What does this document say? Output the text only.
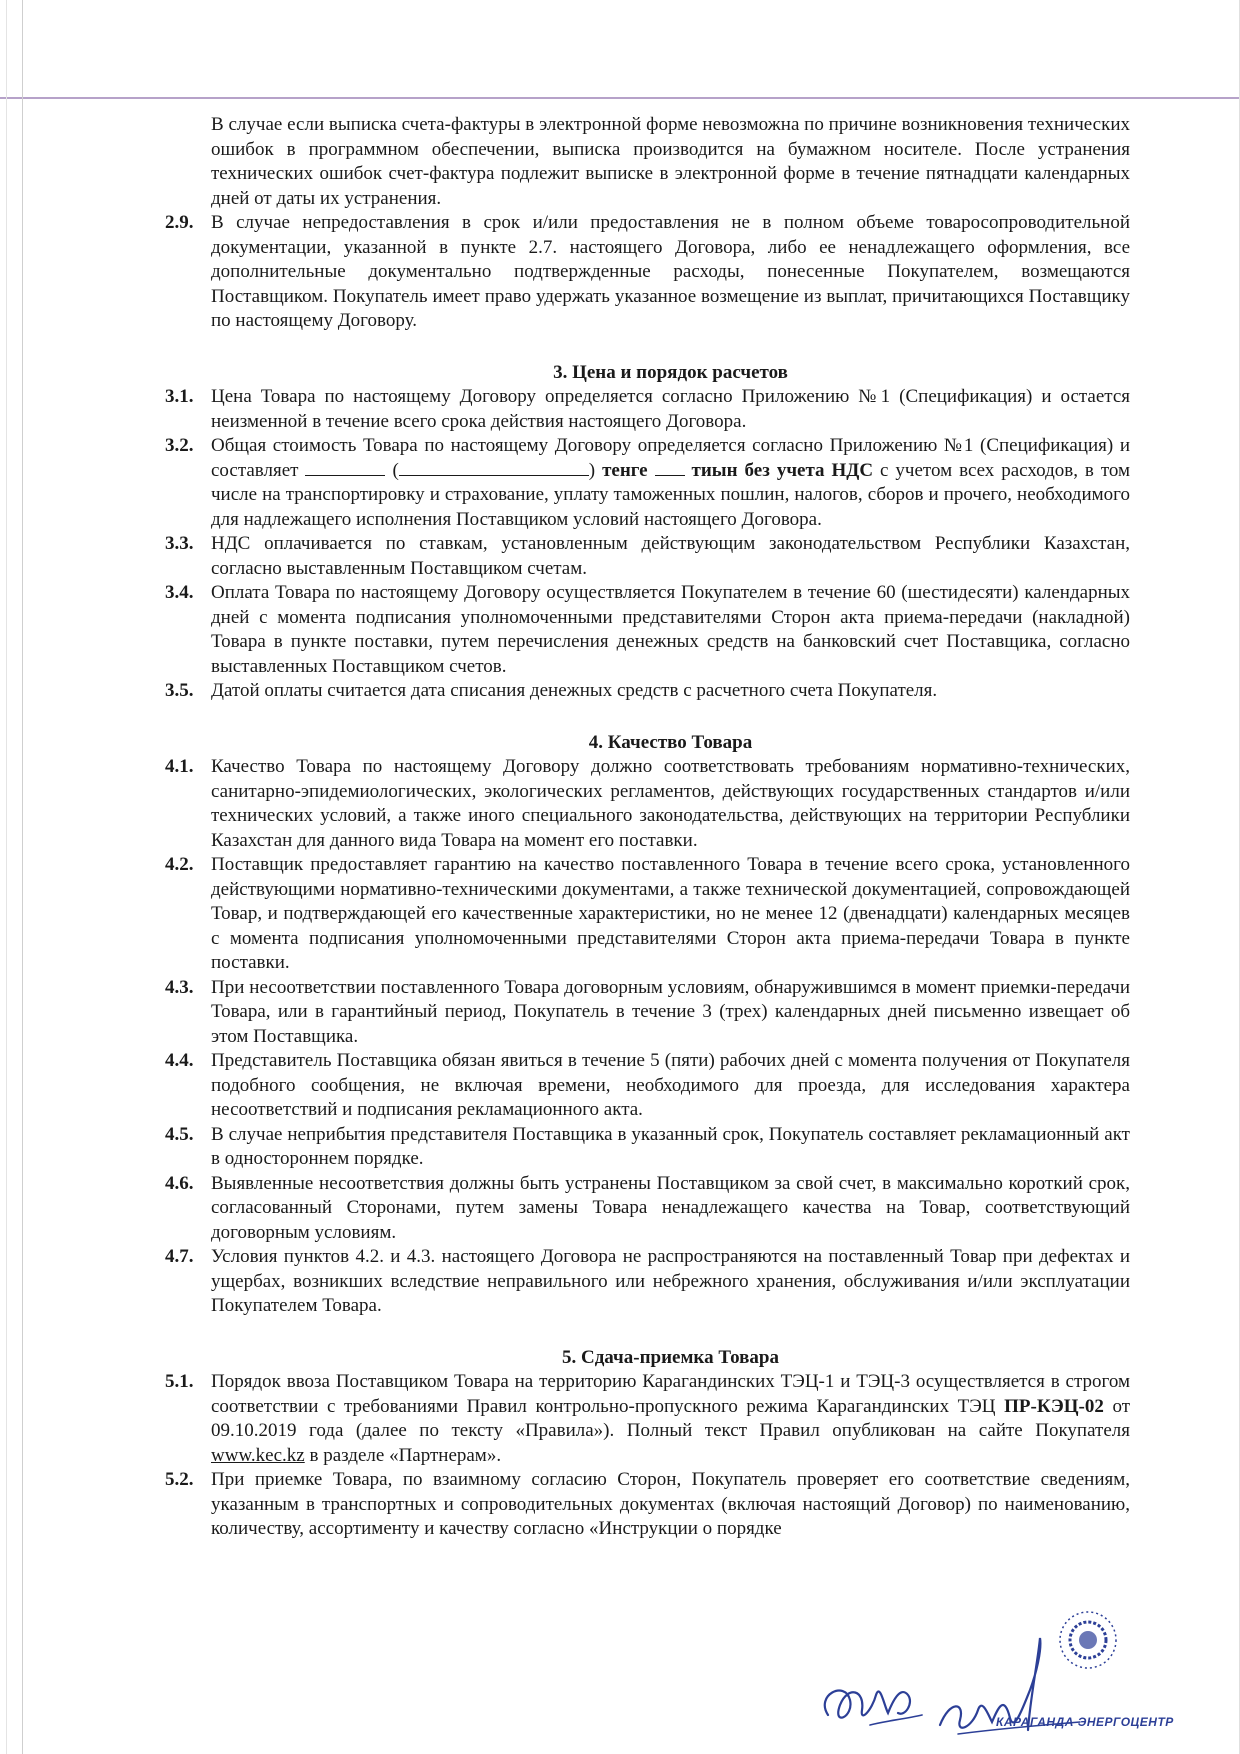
В случае если выписка счета-фактуры в электронной форме невозможна по причине возникновения технических ошибок в программном обеспечении, выписка производится на бумажном носителе. После устранения технических ошибок счет-фактура подлежит выписке в электронной форме в течение пятнадцати календарных дней от даты их устранения.

2.9. В случае непредоставления в срок и/или предоставления не в полном объеме товаросопроводительной документации, указанной в пункте 2.7. настоящего Договора, либо ее ненадлежащего оформления, все дополнительные документально подтвержденные расходы, понесенные Покупателем, возмещаются Поставщиком. Покупатель имеет право удержать указанное возмещение из выплат, причитающихся Поставщику по настоящему Договору.
3. Цена и порядок расчетов
3.1. Цена Товара по настоящему Договору определяется согласно Приложению №1 (Спецификация) и остается неизменной в течение всего срока действия настоящего Договора.
3.2. Общая стоимость Товара по настоящему Договору определяется согласно Приложению №1 (Спецификация) и составляет	(	) тенге тиын без учета НДС с учетом всех расходов, в том числе на транспортировку и страхование, уплату таможенных пошлин, налогов, сборов и прочего, необходимого для надлежащего исполнения Поставщиком условий настоящего Договора.
3.3. НДС оплачивается по ставкам, установленным действующим законодательством Республики Казахстан, согласно выставленным Поставщиком счетам.
3.4. Оплата Товара по настоящему Договору осуществляется Покупателем в течение 60 (шестидесяти) календарных дней с момента подписания уполномоченными представителями Сторон акта приема-передачи (накладной) Товара в пункте поставки, путем перечисления денежных средств на банковский счет Поставщика, согласно выставленных Поставщиком счетов.
3.5. Датой оплаты считается дата списания денежных средств с расчетного счета Покупателя.
4. Качество Товара
4.1. Качество Товара по настоящему Договору должно соответствовать требованиям нормативно-технических, санитарно-эпидемиологических, экологических регламентов, действующих государственных стандартов и/или технических условий, а также иного специального законодательства, действующих на территории Республики Казахстан для данного вида Товара на момент его поставки.
4.2. Поставщик предоставляет гарантию на качество поставленного Товара в течение всего срока, установленного действующими нормативно-техническими документами, а также технической документацией, сопровождающей Товар, и подтверждающей его качественные характеристики, но не менее 12 (двенадцати) календарных месяцев с момента подписания уполномоченными представителями Сторон акта приема-передачи Товара в пункте поставки.
4.3. При несоответствии поставленного Товара договорным условиям, обнаружившимся в момент приемки-передачи Товара, или в гарантийный период, Покупатель в течение 3 (трех) календарных дней письменно извещает об этом Поставщика.
4.4. Представитель Поставщика обязан явиться в течение 5 (пяти) рабочих дней с момента получения от Покупателя подобного сообщения, не включая времени, необходимого для проезда, для исследования характера несоответствий и подписания рекламационного акта.
4.5. В случае неприбытия представителя Поставщика в указанный срок, Покупатель составляет рекламационный акт в одностороннем порядке.
4.6. Выявленные несоответствия должны быть устранены Поставщиком за свой счет, в максимально короткий срок, согласованный Сторонами, путем замены Товара ненадлежащего качества на Товар, соответствующий договорным условиям.
4.7. Условия пунктов 4.2. и 4.3. настоящего Договора не распространяются на поставленный Товар при дефектах и ущербах, возникших вследствие неправильного или небрежного хранения, обслуживания и/или эксплуатации Покупателем Товара.
5. Сдача-приемка Товара
5.1. Порядок ввоза Поставщиком Товара на территорию Карагандинских ТЭЦ-1 и ТЭЦ-3 осуществляется в строгом соответствии с требованиями Правил контрольно-пропускного режима Карагандинских ТЭЦ ПР-КЭЦ-02 от 09.10.2019 года (далее по тексту «Правила»). Полный текст Правил опубликован на сайте Покупателя www.kec.kz в разделе «Партнерам».
5.2. При приемке Товара, по взаимному согласию Сторон, Покупатель проверяет его соответствие сведениям, указанным в транспортных и сопроводительных документах (включая настоящий Договор) по наименованию, количеству, ассортименту и качеству согласно «Инструкции о порядке
КАРАГАНДА ЭНЕРГОЦЕНТР
